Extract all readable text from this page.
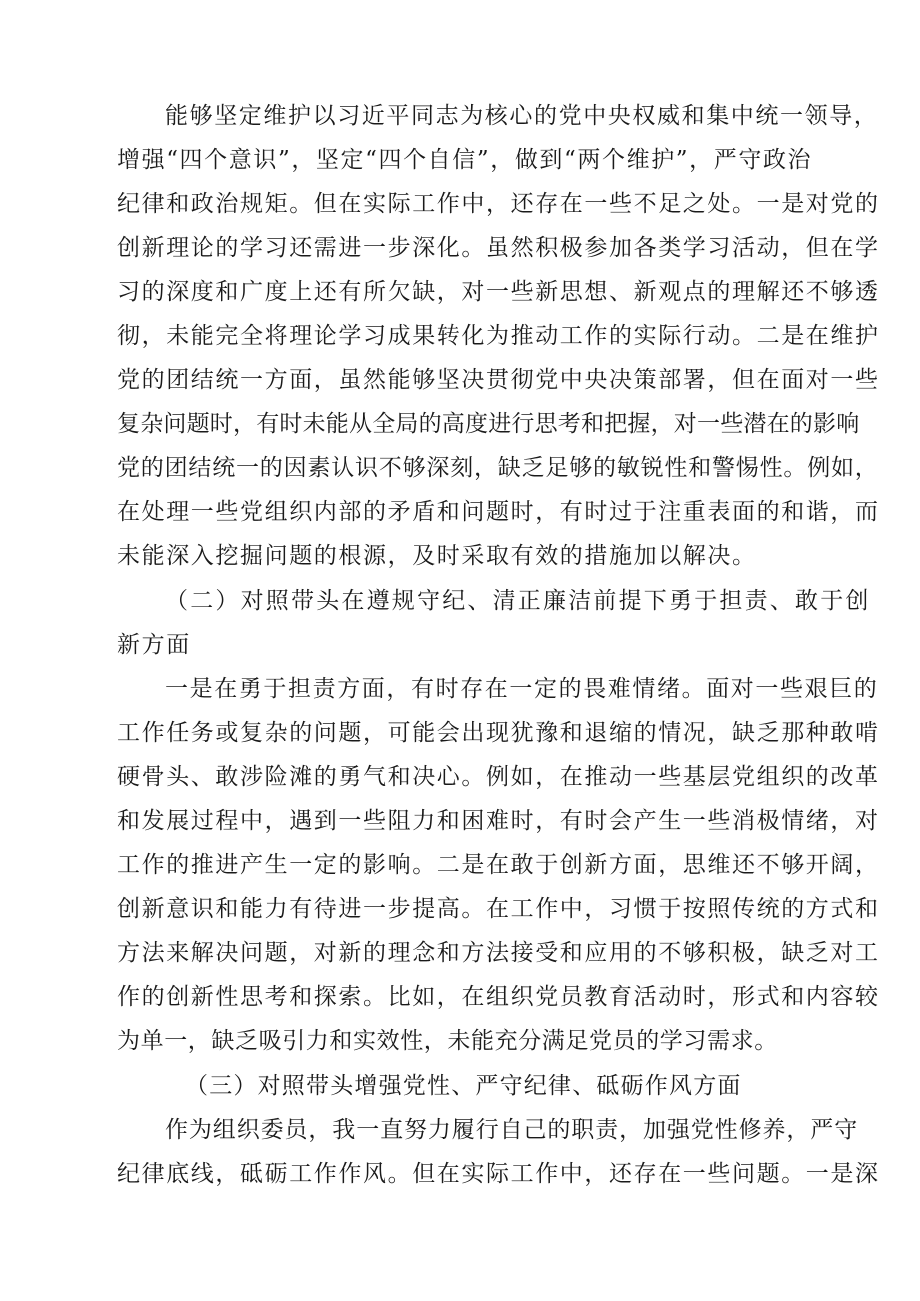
能够坚定维护以习近平同志为核心的党中央权威和集中统一领导，
增强“四个意识”，坚定“四个自信”，做到“两个维护”，严守政治
纪律和政治规矩。但在实际工作中，还存在一些不足之处。一是对党的
创新理论的学习还需进一步深化。虽然积极参加各类学习活动，但在学
习的深度和广度上还有所欠缺，对一些新思想、新观点的理解还不够透
彻，未能完全将理论学习成果转化为推动工作的实际行动。二是在维护
党的团结统一方面，虽然能够坚决贯彻党中央决策部署，但在面对一些
复杂问题时，有时未能从全局的高度进行思考和把握，对一些潜在的影响
党的团结统一的因素认识不够深刻，缺乏足够的敏锐性和警惕性。例如，
在处理一些党组织内部的矛盾和问题时，有时过于注重表面的和谐，而
未能深入挖掘问题的根源，及时采取有效的措施加以解决。
（二）对照带头在遵规守纪、清正廉洁前提下勇于担责、敢于创
新方面
一是在勇于担责方面，有时存在一定的畏难情绪。面对一些艰巨的
工作任务或复杂的问题，可能会出现犹豫和退缩的情况，缺乏那种敢啃
硬骨头、敢涉险滩的勇气和决心。例如，在推动一些基层党组织的改革
和发展过程中，遇到一些阻力和困难时，有时会产生一些消极情绪，对
工作的推进产生一定的影响。二是在敢于创新方面，思维还不够开阔，
创新意识和能力有待进一步提高。在工作中，习惯于按照传统的方式和
方法来解决问题，对新的理念和方法接受和应用的不够积极，缺乏对工
作的创新性思考和探索。比如，在组织党员教育活动时，形式和内容较
为单一，缺乏吸引力和实效性，未能充分满足党员的学习需求。
（三）对照带头增强党性、严守纪律、砥砺作风方面
作为组织委员，我一直努力履行自己的职责，加强党性修养，严守
纪律底线，砥砺工作作风。但在实际工作中，还存在一些问题。一是深
